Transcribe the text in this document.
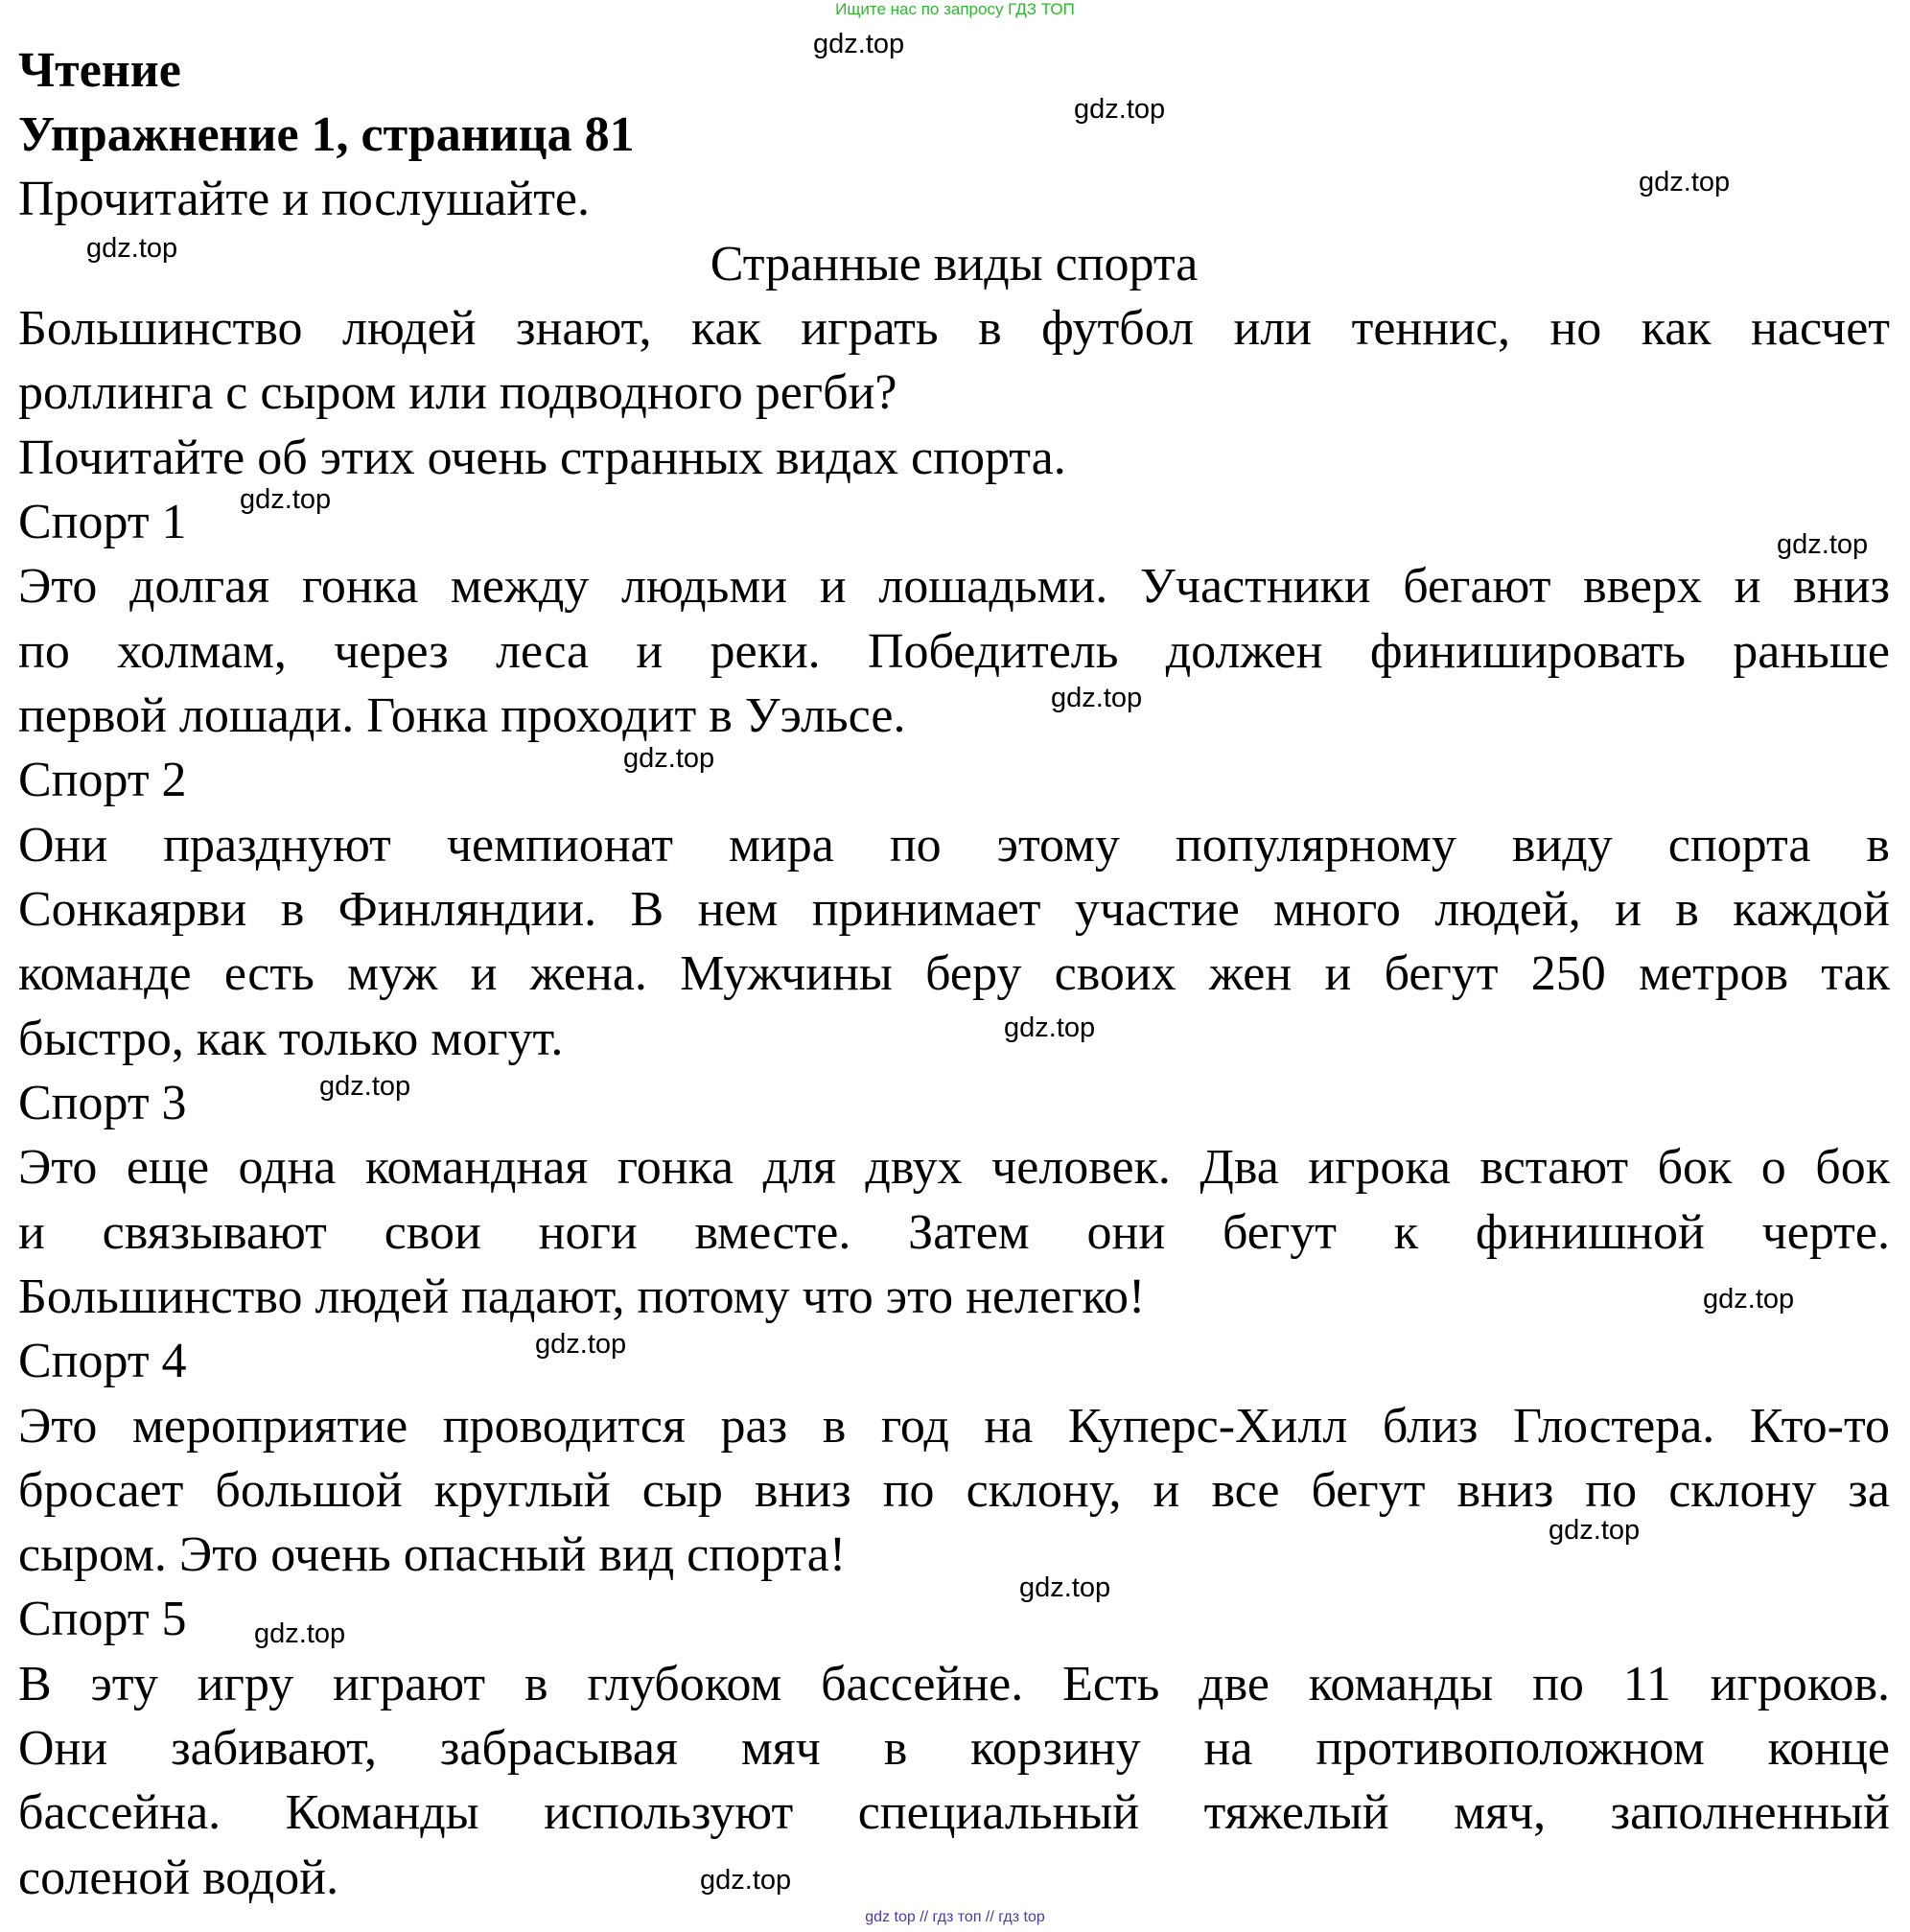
Ищите нас по запросу ГДЗ ТОП
Чтение
Упражнение 1, страница 81
Прочитайте и послушайте.
Странные виды спорта
Большинство людей знают, как играть в футбол или теннис, но как насчет
роллинга с сыром или подводного регби?
Почитайте об этих очень странных видах спорта.
Спорт 1
Это долгая гонка между людьми и лошадьми. Участники бегают вверх и вниз
по холмам, через леса и реки. Победитель должен финишировать раньше
первой лошади. Гонка проходит в Уэльсе.
Спорт 2
Они празднуют чемпионат мира по этому популярному виду спорта в
Сонкаярви в Финляндии. В нем принимает участие много людей, и в каждой
команде есть муж и жена. Мужчины беру своих жен и бегут 250 метров так
быстро, как только могут.
Спорт 3
Это еще одна командная гонка для двух человек. Два игрока встают бок о бок
и связывают свои ноги вместе. Затем они бегут к финишной черте.
Большинство людей падают, потому что это нелегко!
Спорт 4
Это мероприятие проводится раз в год на Куперс-Хилл близ Глостера. Кто-то
бросает большой круглый сыр вниз по склону, и все бегут вниз по склону за
сыром. Это очень опасный вид спорта!
Спорт 5
В эту игру играют в глубоком бассейне. Есть две команды по 11 игроков.
Они забивают, забрасывая мяч в корзину на противоположном конце
бассейна. Команды используют специальный тяжелый мяч, заполненный
соленой водой.
gdz.top
gdz.top
gdz.top
gdz.top
gdz.top
gdz.top
gdz.top
gdz.top
gdz.top
gdz.top
gdz.top
gdz.top
gdz.top
gdz.top
gdz.top
gdz.top
gdz top // гдз топ // гдз top
